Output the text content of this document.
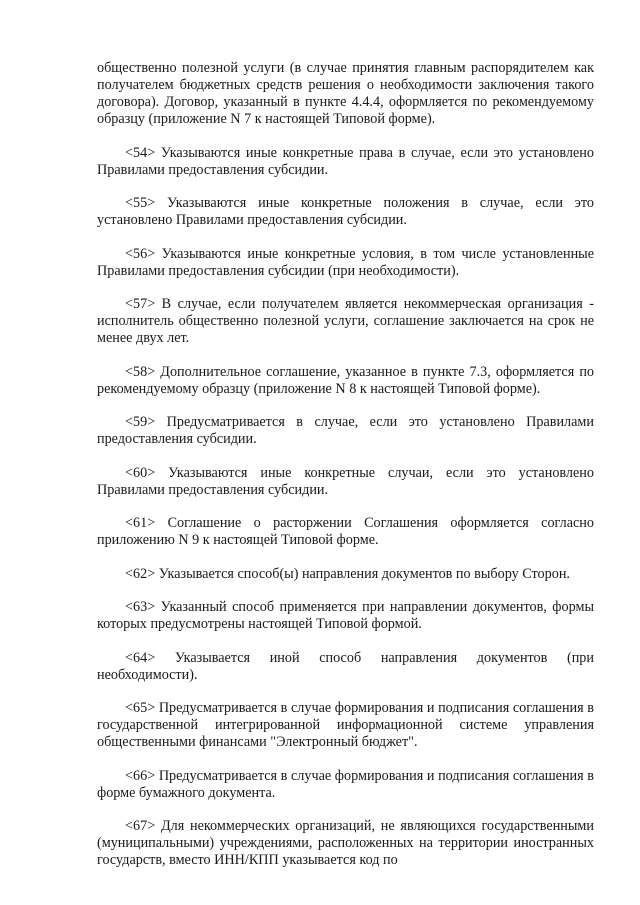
общественно полезной услуги (в случае принятия главным распорядителем как получателем бюджетных средств решения о необходимости заключения такого договора). Договор, указанный в пункте 4.4.4, оформляется по рекомендуемому образцу (приложение N 7 к настоящей Типовой форме).

<54> Указываются иные конкретные права в случае, если это установлено Правилами предоставления субсидии.

<55> Указываются иные конкретные положения в случае, если это установлено Правилами предоставления субсидии.

<56> Указываются иные конкретные условия, в том числе установленные Правилами предоставления субсидии (при необходимости).

<57> В случае, если получателем является некоммерческая организация - исполнитель общественно полезной услуги, соглашение заключается на срок не менее двух лет.

<58> Дополнительное соглашение, указанное в пункте 7.3, оформляется по рекомендуемому образцу (приложение N 8 к настоящей Типовой форме).

<59> Предусматривается в случае, если это установлено Правилами предоставления субсидии.

<60> Указываются иные конкретные случаи, если это установлено Правилами предоставления субсидии.

<61> Соглашение о расторжении Соглашения оформляется согласно приложению N 9 к настоящей Типовой форме.

<62> Указывается способ(ы) направления документов по выбору Сторон.

<63> Указанный способ применяется при направлении документов, формы которых предусмотрены настоящей Типовой формой.

<64> Указывается иной способ направления документов (при необходимости).

<65> Предусматривается в случае формирования и подписания соглашения в государственной интегрированной информационной системе управления общественными финансами "Электронный бюджет".

<66> Предусматривается в случае формирования и подписания соглашения в форме бумажного документа.

<67> Для некоммерческих организаций, не являющихся государственными (муниципальными) учреждениями, расположенных на территории иностранных государств, вместо ИНН/КПП указывается код по
